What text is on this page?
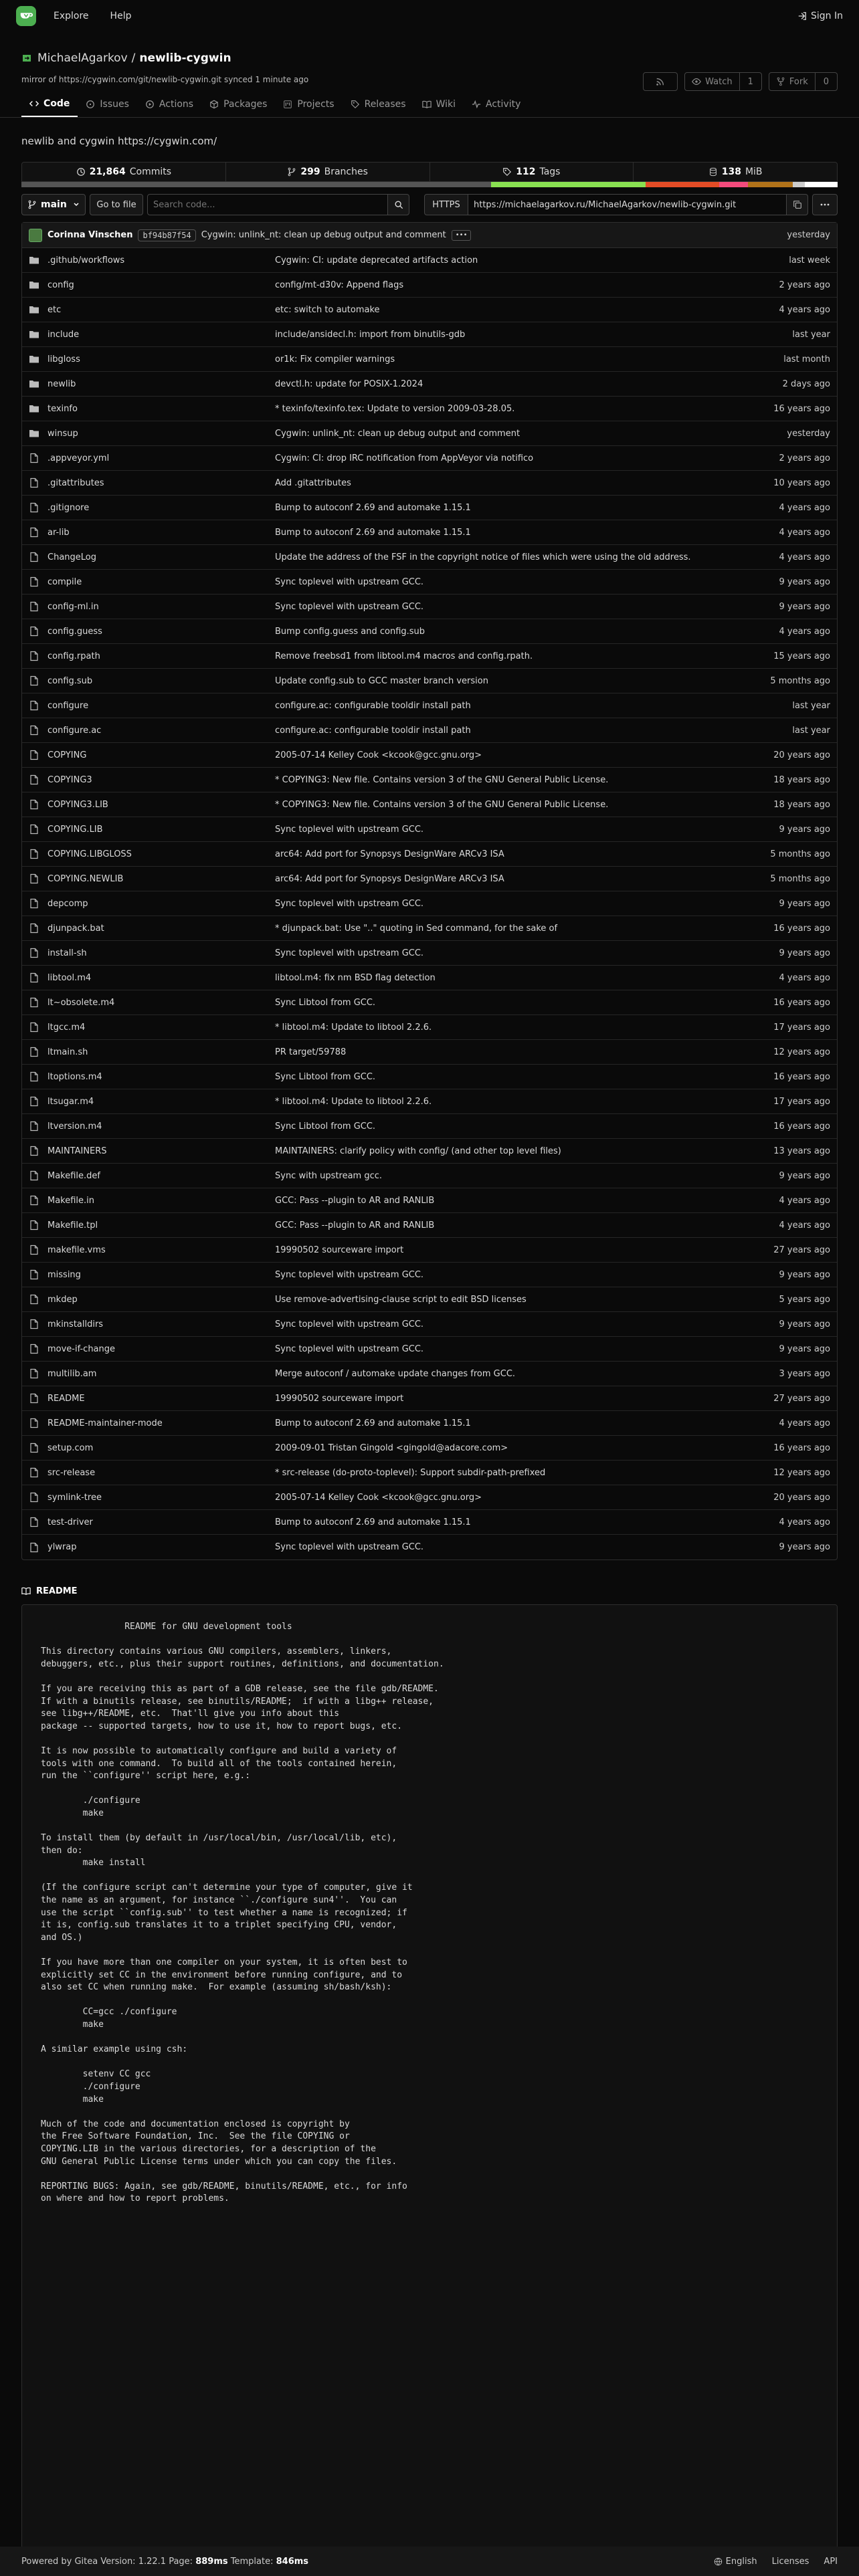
Explore Help	Sign In
MichaelAgarkov / newlib-cygwin
mirror of https://cygwin.com/git/newlib-cygwin.git synced 1 minute ago	Watch	1	Fork	0
Code	Issues	Actions	Packages	Projects	Releases	Wiki	Activity
newlib and cygwin https://cygwin.com/
21,864 Commits	299 Branches	112 Tags	138 MiB
main	Go to file
Search code...	HTTPS
https://michaelagarkov.ru/MichaelAgarkov/newlib-cygwin.git
Corinna Vinschen	bf94b87f54	Cygwin: unlink_nt: clean up debug output and comment	•••	yesterday
.github/workflows	Cygwin: CI: update deprecated artifacts action	last week
config	config/mt-d30v: Append flags	2 years ago
etc	etc: switch to automake	4 years ago
include	include/ansidecl.h: import from binutils-gdb	last year
libgloss	or1k: Fix compiler warnings	last month
newlib	devctl.h: update for POSIX-1.2024	2 days ago
texinfo	* texinfo/texinfo.tex: Update to version 2009-03-28.05.	16 years ago
winsup	Cygwin: unlink_nt: clean up debug output and comment	yesterday
.appveyor.yml	Cygwin: CI: drop IRC notification from AppVeyor via notifico	2 years ago
.gitattributes	Add .gitattributes	10 years ago
.gitignore	Bump to autoconf 2.69 and automake 1.15.1	4 years ago
ar-lib	Bump to autoconf 2.69 and automake 1.15.1	4 years ago
ChangeLog	Update the address of the FSF in the copyright notice of files which were using the old address.	4 years ago
compile	Sync toplevel with upstream GCC.	9 years ago
config-ml.in	Sync toplevel with upstream GCC.	9 years ago
config.guess	Bump config.guess and config.sub	4 years ago
config.rpath	Remove freebsd1 from libtool.m4 macros and config.rpath.	15 years ago
config.sub	Update config.sub to GCC master branch version	5 months ago
configure	configure.ac: configurable tooldir install path	last year
configure.ac	configure.ac: configurable tooldir install path	last year
COPYING	2005-07-14 Kelley Cook <kcook@gcc.gnu.org>	20 years ago
COPYING3	* COPYING3: New file. Contains version 3 of the GNU General Public License.	18 years ago
COPYING3.LIB	* COPYING3: New file. Contains version 3 of the GNU General Public License.	18 years ago
COPYING.LIB	Sync toplevel with upstream GCC.	9 years ago
COPYING.LIBGLOSS	arc64: Add port for Synopsys DesignWare ARCv3 ISA	5 months ago
COPYING.NEWLIB	arc64: Add port for Synopsys DesignWare ARCv3 ISA	5 months ago
depcomp	Sync toplevel with upstream GCC.	9 years ago
djunpack.bat	* djunpack.bat: Use ".." quoting in Sed command, for the sake of	16 years ago
install-sh	Sync toplevel with upstream GCC.	9 years ago
libtool.m4	libtool.m4: fix nm BSD flag detection	4 years ago
lt~obsolete.m4	Sync Libtool from GCC.	16 years ago
ltgcc.m4	* libtool.m4: Update to libtool 2.2.6.	17 years ago
ltmain.sh	PR target/59788	12 years ago
ltoptions.m4	Sync Libtool from GCC.	16 years ago
ltsugar.m4	* libtool.m4: Update to libtool 2.2.6.	17 years ago
ltversion.m4	Sync Libtool from GCC.	16 years ago
MAINTAINERS	MAINTAINERS: clarify policy with config/ (and other top level files)	13 years ago
Makefile.def	Sync with upstream gcc.	9 years ago
Makefile.in	GCC: Pass --plugin to AR and RANLIB	4 years ago
Makefile.tpl	GCC: Pass --plugin to AR and RANLIB	4 years ago
makefile.vms	19990502 sourceware import	27 years ago
missing	Sync toplevel with upstream GCC.	9 years ago
mkdep	Use remove-advertising-clause script to edit BSD licenses	5 years ago
mkinstalldirs	Sync toplevel with upstream GCC.	9 years ago
move-if-change	Sync toplevel with upstream GCC.	9 years ago
multilib.am	Merge autoconf / automake update changes from GCC.	3 years ago
README	19990502 sourceware import	27 years ago
README-maintainer-mode	Bump to autoconf 2.69 and automake 1.15.1	4 years ago
setup.com	2009-09-01 Tristan Gingold <gingold@adacore.com>	16 years ago
src-release	* src-release (do-proto-toplevel): Support subdir-path-prefixed	12 years ago
symlink-tree	2005-07-14 Kelley Cook <kcook@gcc.gnu.org>	20 years ago
test-driver	Bump to autoconf 2.69 and automake 1.15.1	4 years ago
ylwrap	Sync toplevel with upstream GCC.	9 years ago
README
		README for GNU development tools

This directory contains various GNU compilers, assemblers, linkers,
debuggers, etc., plus their support routines, definitions, and documentation.

If you are receiving this as part of a GDB release, see the file gdb/README.
If with a binutils release, see binutils/README;  if with a libg++ release,
see libg++/README, etc.  That'll give you info about this
package -- supported targets, how to use it, how to report bugs, etc.

It is now possible to automatically configure and build a variety of
tools with one command.  To build all of the tools contained herein,
run the ``configure'' script here, e.g.:

	./configure
	make

To install them (by default in /usr/local/bin, /usr/local/lib, etc),
then do:
	make install

(If the configure script can't determine your type of computer, give it
the name as an argument, for instance ``./configure sun4''.  You can
use the script ``config.sub'' to test whether a name is recognized; if
it is, config.sub translates it to a triplet specifying CPU, vendor,
and OS.)

If you have more than one compiler on your system, it is often best to
explicitly set CC in the environment before running configure, and to
also set CC when running make.  For example (assuming sh/bash/ksh):

	CC=gcc ./configure
	make

A similar example using csh:

	setenv CC gcc
	./configure
	make

Much of the code and documentation enclosed is copyright by
the Free Software Foundation, Inc.  See the file COPYING or
COPYING.LIB in the various directories, for a description of the
GNU General Public License terms under which you can copy the files.

REPORTING BUGS: Again, see gdb/README, binutils/README, etc., for info
on where and how to report problems.
Powered by Gitea
Version:
1.22.1
Page:
889ms
Template:
846ms	English Licenses API
